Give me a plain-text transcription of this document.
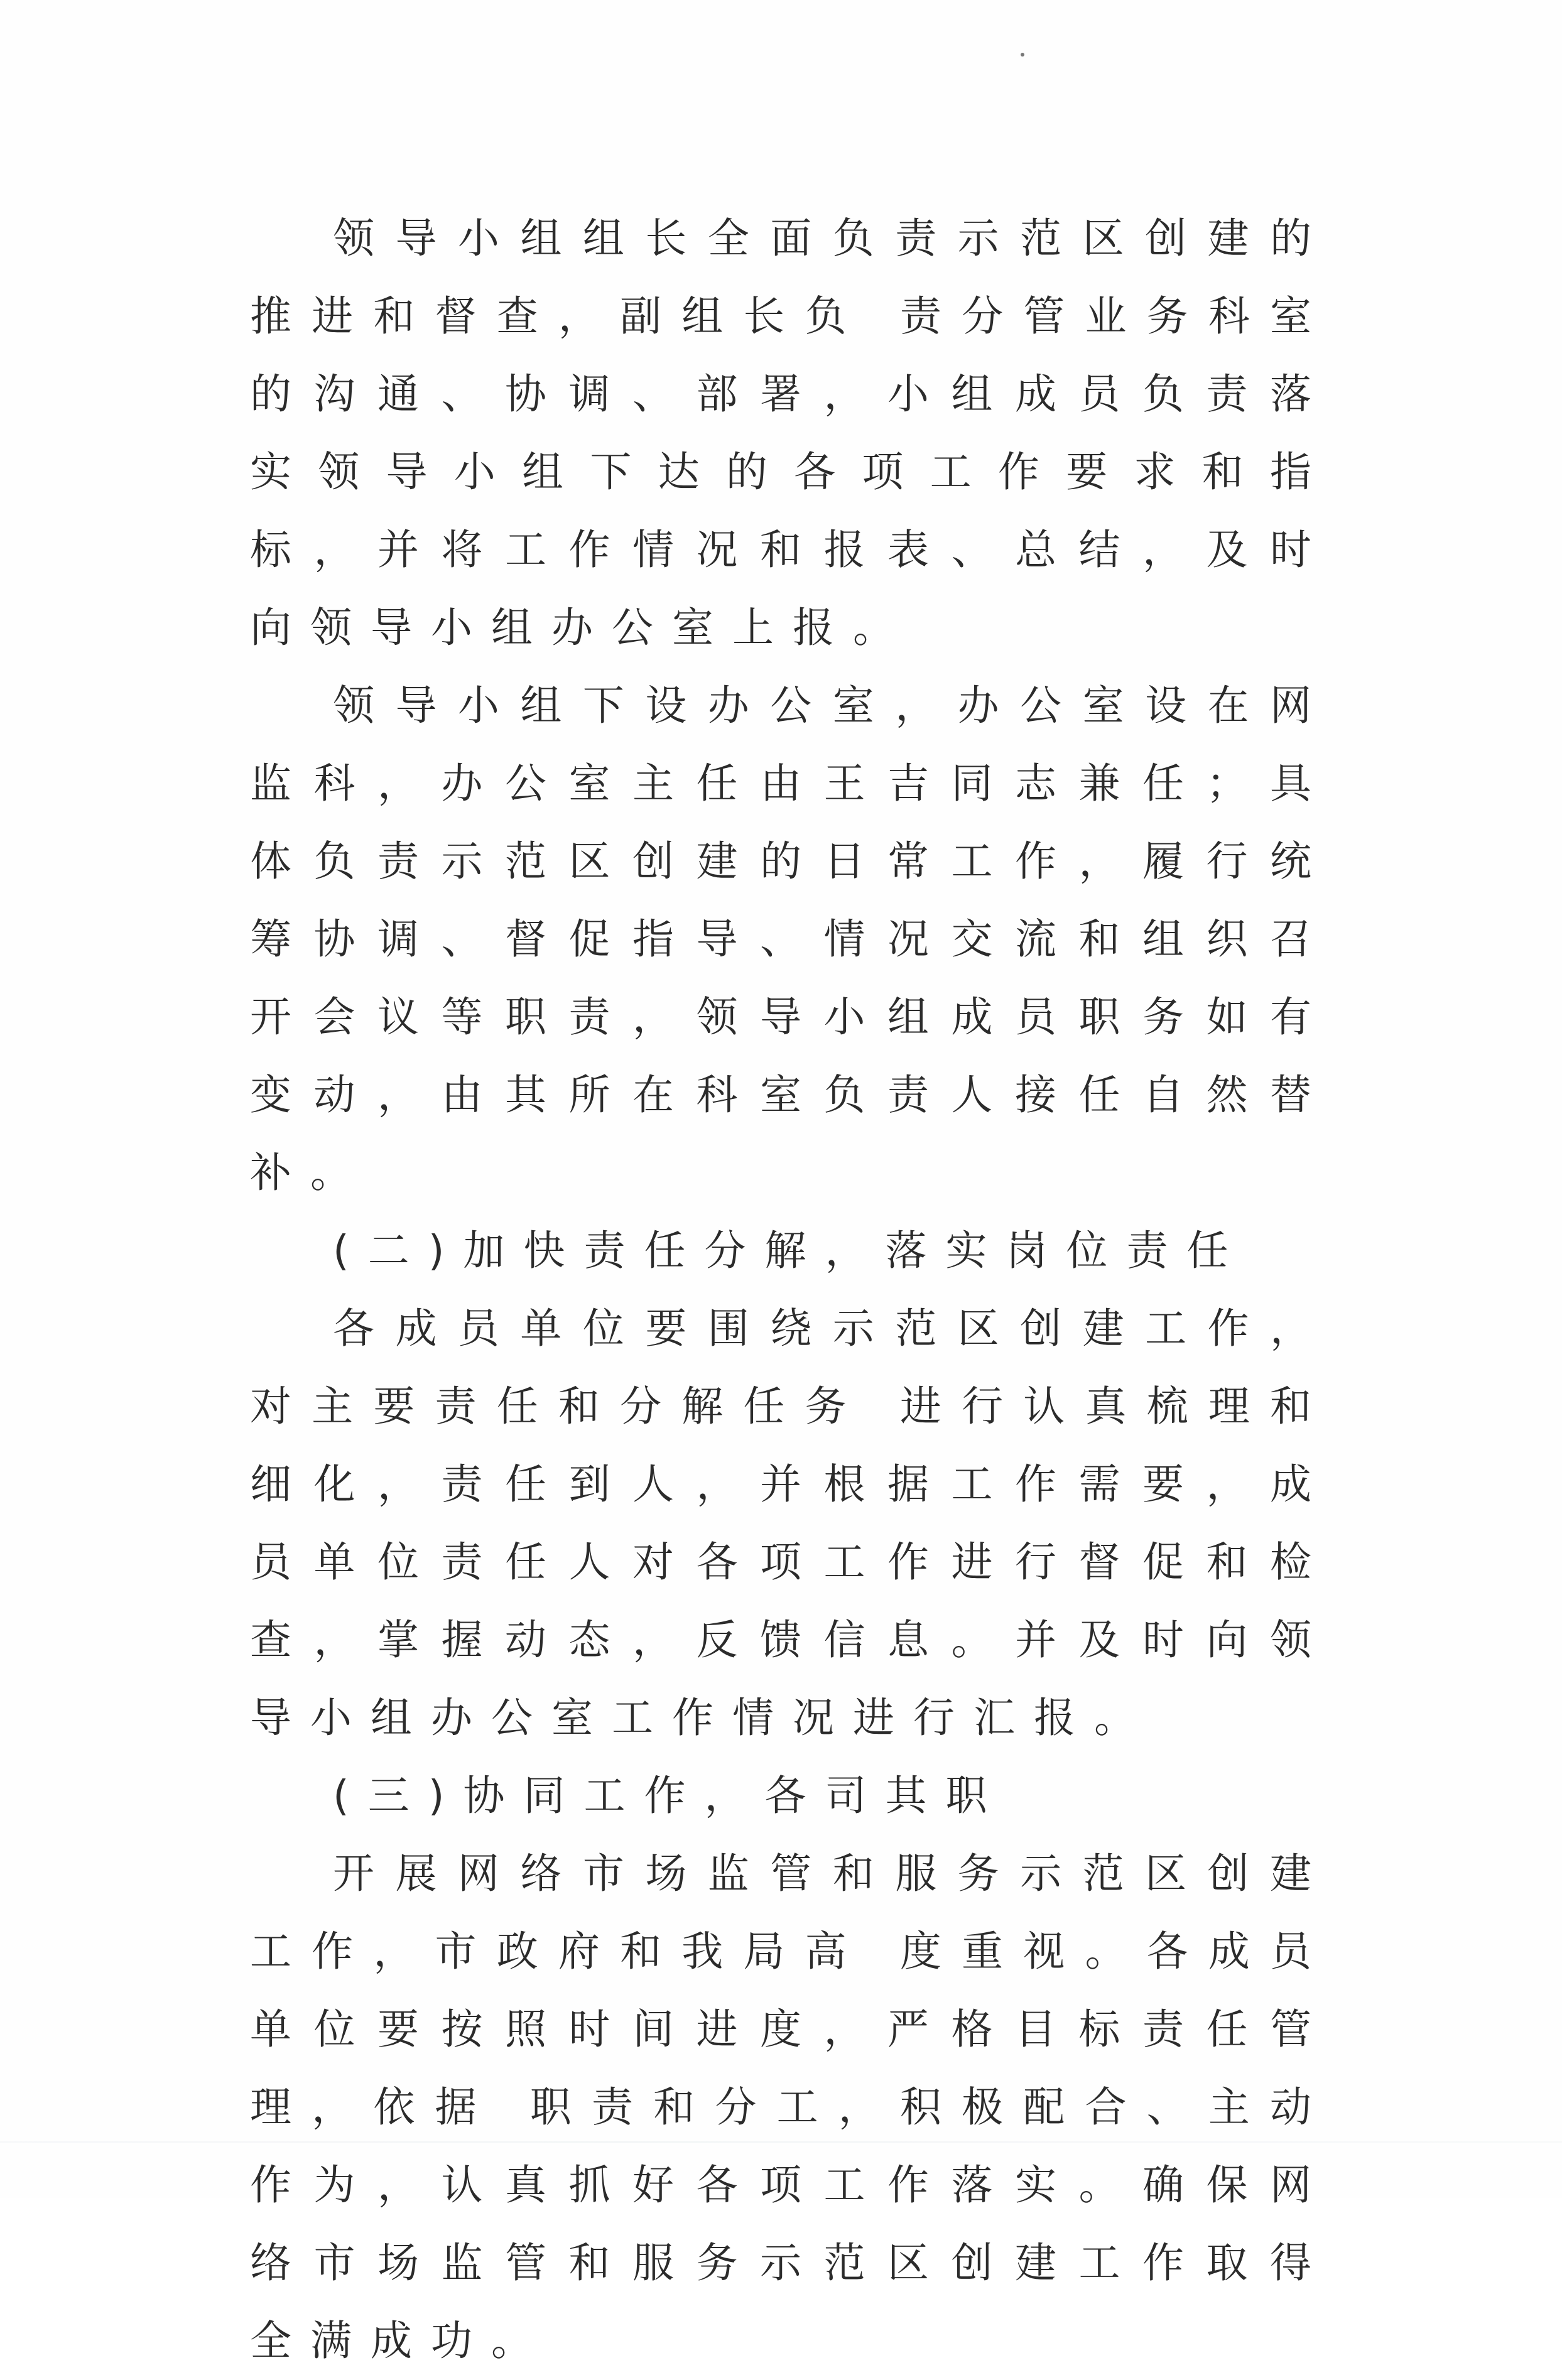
领导小组组长全面负责示范区创建的推进和督查，副组长负 责分管业务科室的沟通、协调、部署，小组成员负责落实领导小组下达的各项工作要求和指标，并将工作情况和报表、总结，及时向领导小组办公室上报。

领导小组下设办公室，办公室设在网监科，办公室主任由王吉同志兼任；具体负责示范区创建的日常工作，履行统筹协调、督促指导、情况交流和组织召开会议等职责，领导小组成员职务如有变动，由其所在科室负责人接任自然替补。

(二)加快责任分解，落实岗位责任

各成员单位要围绕示范区创建工作，对主要责任和分解任务 进行认真梳理和细化，责任到人，并根据工作需要，成员单位责任人对各项工作进行督促和检查，掌握动态，反馈信息。并及时向领导小组办公室工作情况进行汇报。

(三)协同工作，各司其职

开展网络市场监管和服务示范区创建工作，市政府和我局高 度重视。各成员单位要按照时间进度，严格目标责任管理，依据 职责和分工，积极配合、主动作为，认真抓好各项工作落实。确保网络市场监管和服务示范区创建工作取得全满成功。
